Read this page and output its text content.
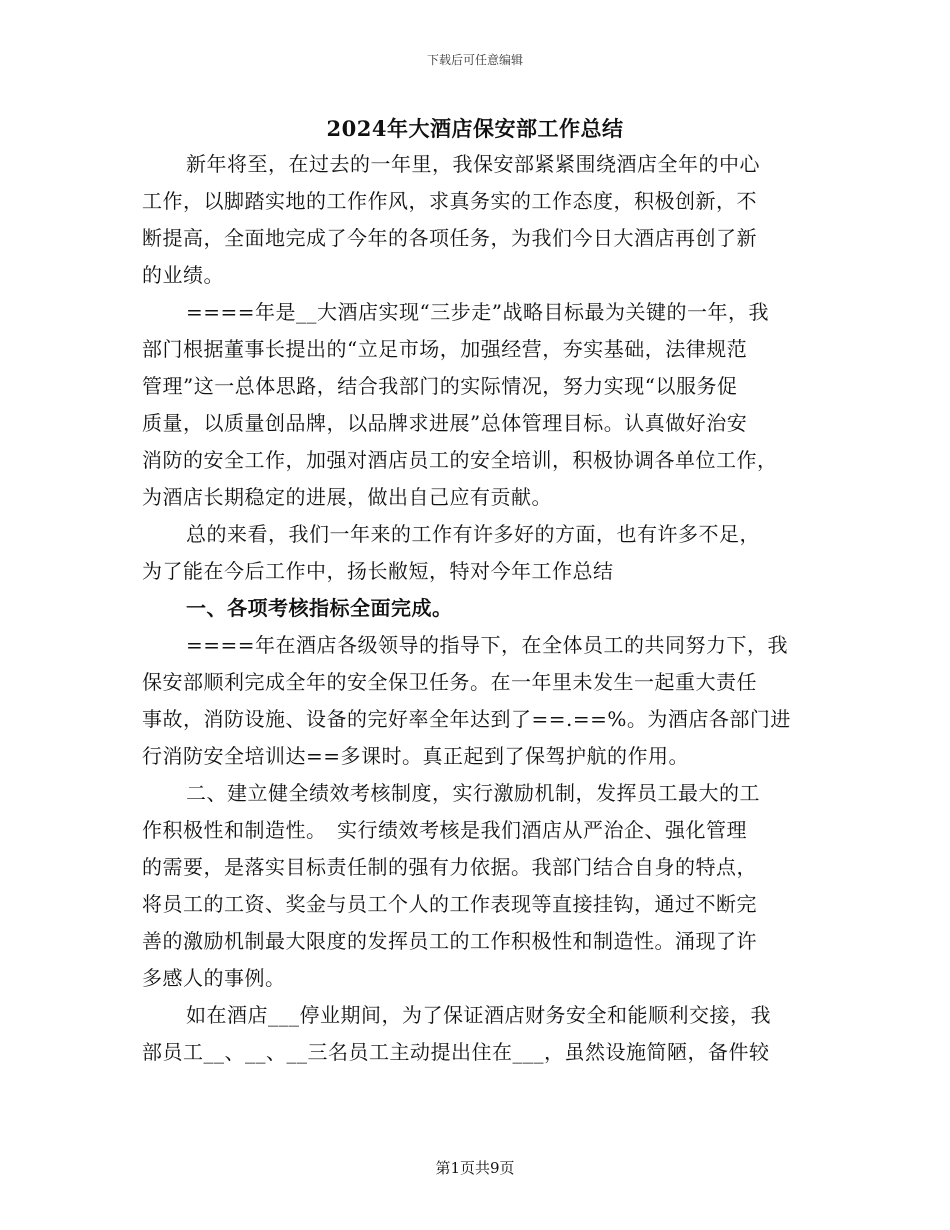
下载后可任意编辑
2024年大酒店保安部工作总结
新年将至，在过去的一年里，我保安部紧紧围绕酒店全年的中心
工作，以脚踏实地的工作作风，求真务实的工作态度，积极创新，不
断提高，全面地完成了今年的各项任务，为我们今日大酒店再创了新
的业绩。
====年是__大酒店实现“三步走”战略目标最为关键的一年，我
部门根据董事长提出的“立足市场，加强经营，夯实基础，法律规范
管理”这一总体思路，结合我部门的实际情况，努力实现“以服务促
质量，以质量创品牌，以品牌求进展”总体管理目标。认真做好治安
消防的安全工作，加强对酒店员工的安全培训，积极协调各单位工作，
为酒店长期稳定的进展，做出自己应有贡献。
总的来看，我们一年来的工作有许多好的方面，也有许多不足，
为了能在今后工作中，扬长敝短，特对今年工作总结
一、各项考核指标全面完成。
====年在酒店各级领导的指导下，在全体员工的共同努力下，我
保安部顺利完成全年的安全保卫任务。在一年里未发生一起重大责任
事故，消防设施、设备的完好率全年达到了==.==%。为酒店各部门进
行消防安全培训达==多课时。真正起到了保驾护航的作用。
二、建立健全绩效考核制度，实行激励机制，发挥员工最大的工
作积极性和制造性。　实行绩效考核是我们酒店从严治企、强化管理
的需要，是落实目标责任制的强有力依据。我部门结合自身的特点，
将员工的工资、奖金与员工个人的工作表现等直接挂钩，通过不断完
善的激励机制最大限度的发挥员工的工作积极性和制造性。涌现了许
多感人的事例。
如在酒店___停业期间，为了保证酒店财务安全和能顺利交接，我
部员工__、__、__三名员工主动提出住在___，虽然设施简陋，备件较
第1页共9页
